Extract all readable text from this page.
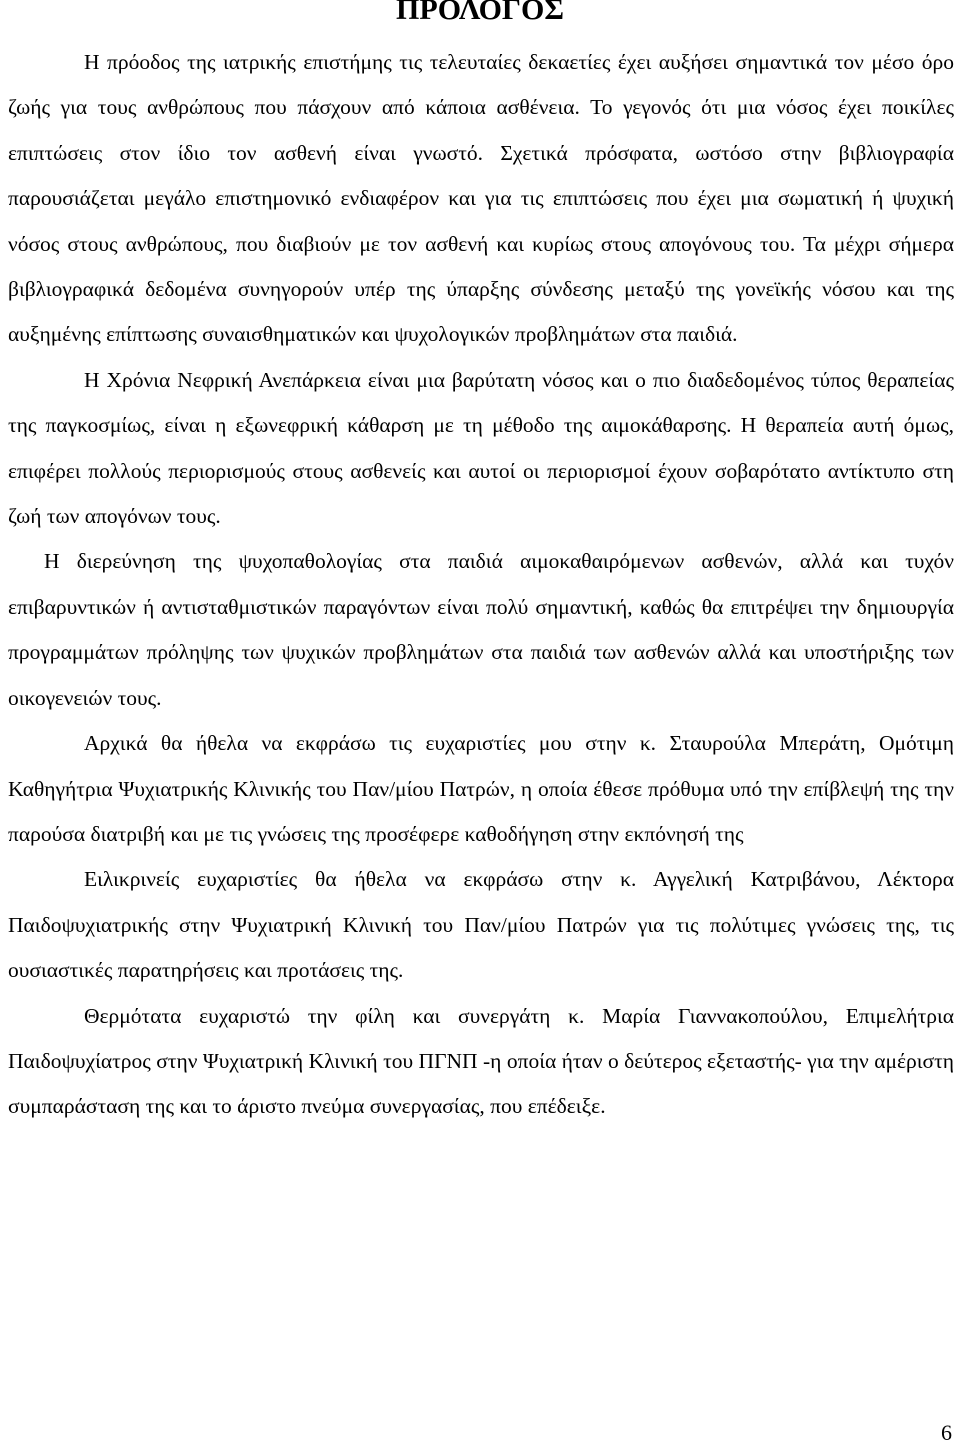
ΠΡΟΛΟΓΟΣ

Η πρόοδος της ιατρικής επιστήμης τις τελευταίες δεκαετίες έχει αυξήσει σημαντικά τον μέσο όρο ζωής για τους ανθρώπους που πάσχουν από κάποια ασθένεια. Το γεγονός ότι μια νόσος έχει ποικίλες επιπτώσεις στον ίδιο τον ασθενή είναι γνωστό. Σχετικά πρόσφατα, ωστόσο στην βιβλιογραφία παρουσιάζεται μεγάλο επιστημονικό ενδιαφέρον και για τις επιπτώσεις που έχει μια σωματική ή ψυχική νόσος στους ανθρώπους, που διαβιούν με τον ασθενή και κυρίως στους απογόνους του. Τα μέχρι σήμερα βιβλιογραφικά δεδομένα συνηγορούν υπέρ της ύπαρξης σύνδεσης μεταξύ της γονεϊκής νόσου και της αυξημένης επίπτωσης συναισθηματικών και ψυχολογικών προβλημάτων στα παιδιά.

Η Χρόνια Νεφρική Ανεπάρκεια είναι μια βαρύτατη νόσος και ο πιο διαδεδομένος τύπος θεραπείας της παγκοσμίως, είναι η εξωνεφρική κάθαρση με τη μέθοδο της αιμοκάθαρσης. Η θεραπεία αυτή όμως, επιφέρει πολλούς περιορισμούς στους ασθενείς και αυτοί οι περιορισμοί έχουν σοβαρότατο αντίκτυπο στη ζωή των απογόνων τους.

Η διερεύνηση της ψυχοπαθολογίας στα παιδιά αιμοκαθαιρόμενων ασθενών, αλλά και τυχόν επιβαρυντικών ή αντισταθμιστικών παραγόντων είναι πολύ σημαντική, καθώς θα επιτρέψει την δημιουργία προγραμμάτων πρόληψης των ψυχικών προβλημάτων στα παιδιά των ασθενών αλλά και υποστήριξης των οικογενειών τους.

Αρχικά θα ήθελα να εκφράσω τις ευχαριστίες μου στην κ. Σταυρούλα Μπεράτη, Ομότιμη Καθηγήτρια Ψυχιατρικής Κλινικής του Παν/μίου Πατρών, η οποία έθεσε πρόθυμα υπό την επίβλεψή της την παρούσα διατριβή και με τις γνώσεις της προσέφερε καθοδήγηση στην εκπόνησή της

Ειλικρινείς ευχαριστίες θα ήθελα να εκφράσω στην κ. Αγγελική Κατριβάνου, Λέκτορα Παιδοψυχιατρικής στην Ψυχιατρική Κλινική του Παν/μίου Πατρών για τις πολύτιμες γνώσεις της, τις ουσιαστικές παρατηρήσεις και προτάσεις της.

Θερμότατα ευχαριστώ την φίλη και συνεργάτη κ. Μαρία Γιαννακοπούλου, Επιμελήτρια Παιδοψυχίατρος στην Ψυχιατρική Κλινική του ΠΓΝΠ -η οποία ήταν ο δεύτερος εξεταστής- για την αμέριστη συμπαράσταση της και το άριστο πνεύμα συνεργασίας, που επέδειξε.

6
